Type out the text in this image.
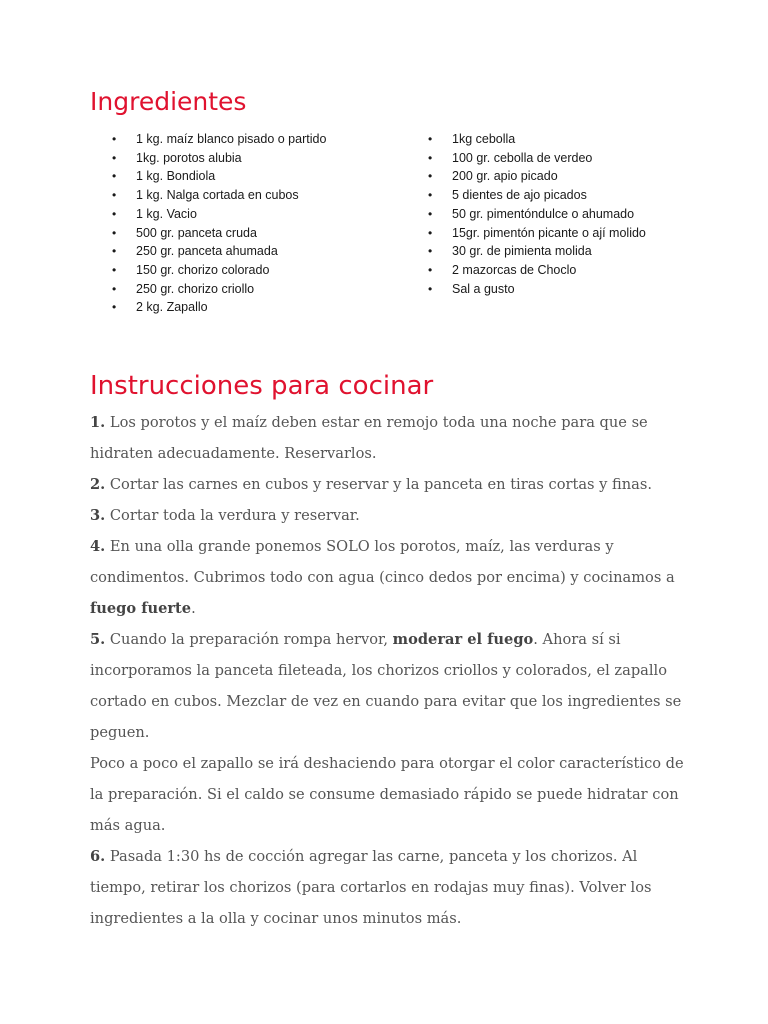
Ingredientes
• 1 kg. maíz blanco pisado o partido
• 1kg. porotos alubia
• 1 kg. Bondiola
• 1 kg. Nalga cortada en cubos
• 1 kg. Vacio
• 500 gr. panceta cruda
• 250 gr. panceta ahumada
• 150 gr. chorizo colorado
• 250 gr. chorizo criollo
• 2 kg. Zapallo
• 1kg cebolla
• 100 gr. cebolla de verdeo
• 200 gr. apio picado
• 5 dientes de ajo picados
• 50 gr. pimentóndulce o ahumado
• 15gr. pimentón picante o ají molido
• 30 gr. de pimienta molida
• 2 mazorcas de Choclo
• Sal a gusto
Instrucciones para cocinar

1. Los porotos y el maíz deben estar en remojo toda una noche para que se hidraten adecuadamente. Reservarlos.

2. Cortar las carnes en cubos y reservar y la panceta en tiras cortas y finas.

3. Cortar toda la verdura y reservar.

4. En una olla grande ponemos SOLO los porotos, maíz, las verduras y condimentos. Cubrimos todo con agua (cinco dedos por encima) y cocinamos a fuego fuerte.

5. Cuando la preparación rompa hervor, moderar el fuego. Ahora sí si incorporamos la panceta fileteada, los chorizos criollos y colorados, el zapallo cortado en cubos. Mezclar de vez en cuando para evitar que los ingredientes se peguen.

Poco a poco el zapallo se irá deshaciendo para otorgar el color característico de la preparación. Si el caldo se consume demasiado rápido se puede hidratar con más agua.

6. Pasada 1:30 hs de cocción agregar las carne, panceta y los chorizos. Al tiempo, retirar los chorizos (para cortarlos en rodajas muy finas). Volver los ingredientes a la olla y cocinar unos minutos más.
